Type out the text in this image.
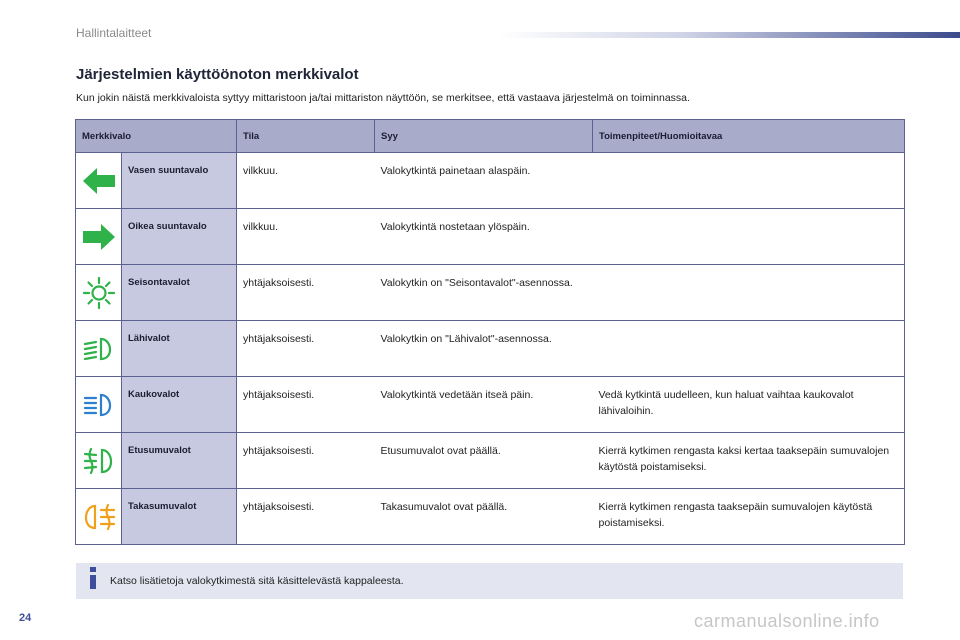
Hallintalaitteet
Järjestelmien käyttöönoton merkkivalot
Kun jokin näistä merkkivaloista syttyy mittaristoon ja/tai mittariston näyttöön, se merkitsee, että vastaava järjestelmä on toiminnassa.
Merkkivalo		Tila	Syy	Toimenpiteet/Huomioitavaa

	Vasen suuntavalo	vilkkuu.	Valokytkintä painetaan alaspäin.	

	Oikea suuntavalo	vilkkuu.	Valokytkintä nostetaan ylöspäin.	

	Seisontavalot	yhtäjaksoisesti.	Valokytkin on "Seisontavalot"-asennossa.	

	Lähivalot	yhtäjaksoisesti.	Valokytkin on "Lähivalot"-asennossa.	

	Kaukovalot	yhtäjaksoisesti.	Valokytkintä vedetään itseä päin.	Vedä kytkintä uudelleen, kun haluat vaihtaa kaukovalot lähivaloihin.

	Etusumuvalot	yhtäjaksoisesti.	Etusumuvalot ovat päällä.	Kierrä kytkimen rengasta kaksi kertaa taaksepäin sumuvalojen käytöstä poistamiseksi.

	Takasumuvalot	yhtäjaksoisesti.	Takasumuvalot ovat päällä.	Kierrä kytkimen rengasta taaksepäin sumuvalojen käytöstä poistamiseksi.
Katso lisätietoja valokytkimestä sitä käsittelevästä kappaleesta.
24	carmanualsonline.info
